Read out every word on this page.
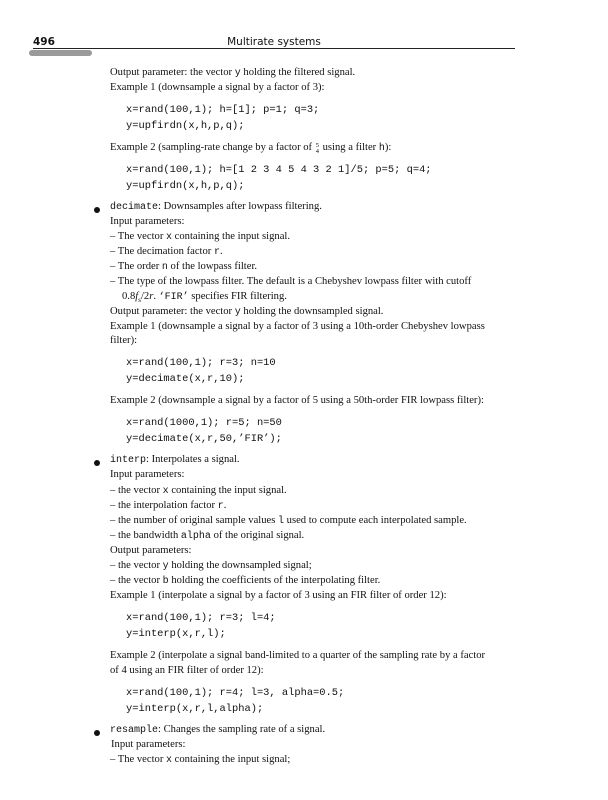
496	Multirate systems
Output parameter: the vector y holding the filtered signal.
Example 1 (downsample a signal by a factor of 3):
x=rand(100,1); h=[1]; p=1; q=3;
y=upfirdn(x,h,p,q);
Example 2 (sampling-rate change by a factor of 5
4 using a filter h):
x=rand(100,1); h=[1 2 3 4 5 4 3 2 1]/5; p=5; q=4;
y=upfirdn(x,h,p,q);
decimate: Downsamples after lowpass filtering.
Input parameters:
– The vector x containing the input signal.
– The decimation factor r.
– The order n of the lowpass filter.
– The type of the lowpass filter. The default is a Chebyshev lowpass filter with cutoff
$0.8f_s/2r$. ‘FIR’ specifies FIR filtering.
Output parameter: the vector y holding the downsampled signal.
Example 1 (downsample a signal by a factor of 3 using a 10th-order Chebyshev lowpass
filter):
x=rand(100,1); r=3; n=10
y=decimate(x,r,10);
Example 2 (downsample a signal by a factor of 5 using a 50th-order FIR lowpass filter):
x=rand(1000,1); r=5; n=50
y=decimate(x,r,50,’FIR’);
interp: Interpolates a signal.
Input parameters:
– the vector x containing the input signal.
– the interpolation factor r.
– the number of original sample values l used to compute each interpolated sample.
– the bandwidth alpha of the original signal.
Output parameters:
– the vector y holding the downsampled signal;
– the vector b holding the coefficients of the interpolating filter.
Example 1 (interpolate a signal by a factor of 3 using an FIR filter of order 12):
x=rand(100,1); r=3; l=4;
y=interp(x,r,l);
Example 2 (interpolate a signal band-limited to a quarter of the sampling rate by a factor
of 4 using an FIR filter of order 12):
x=rand(100,1); r=4; l=3, alpha=0.5;
y=interp(x,r,l,alpha);
resample: Changes the sampling rate of a signal.
Input parameters:
– The vector x containing the input signal;
